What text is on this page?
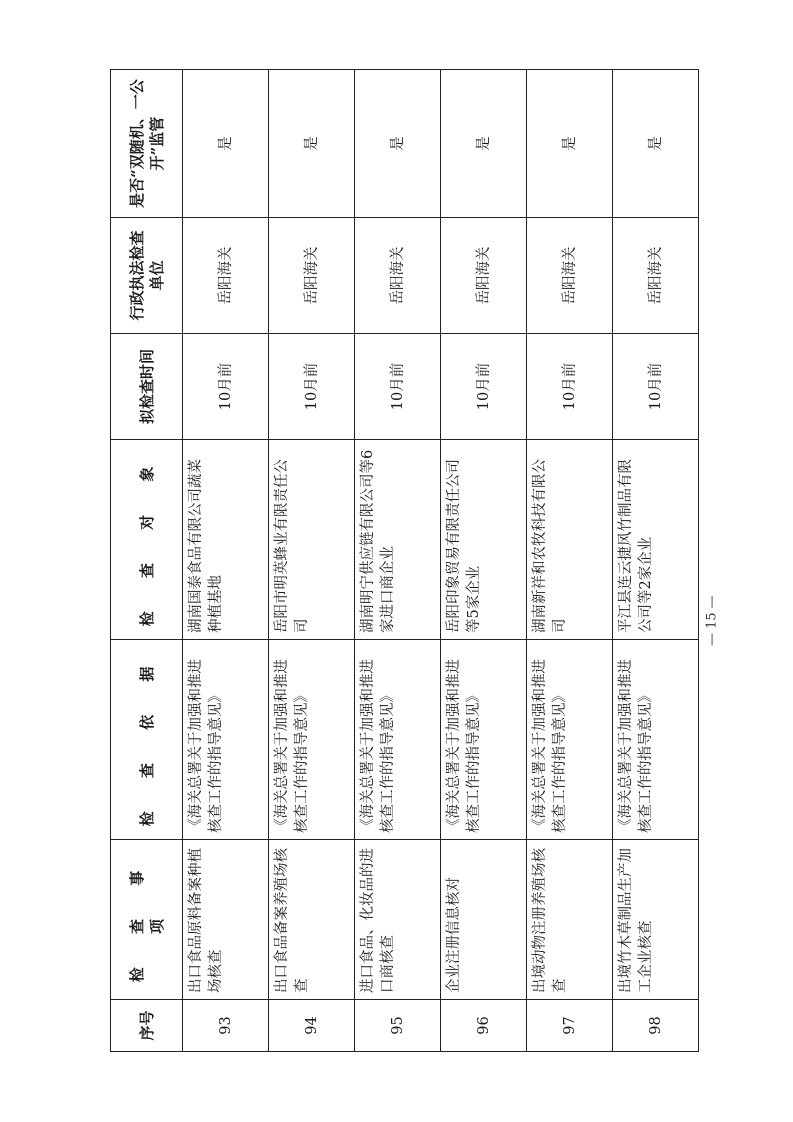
序号	检 查 事 项	检 查 依 据	检 查 对 象	拟检查时间	行政执法检查单位	是否“双随机、一公开”监管
93	出口食品原料备案种植场核查	《海关总署关于加强和推进核查工作的指导意见》	湖南国泰食品有限公司蔬菜种植基地	10月前	岳阳海关	是
94	出口食品备案养殖场核查	《海关总署关于加强和推进核查工作的指导意见》	岳阳市明英蜂业有限责任公司	10月前	岳阳海关	是
95	进口食品、化妆品的进口商核查	《海关总署关于加强和推进核查工作的指导意见》	湖南明宁供应链有限公司等6家进口商企业	10月前	岳阳海关	是
96	企业注册信息核对	《海关总署关于加强和推进核查工作的指导意见》	岳阳印象贸易有限责任公司等5家企业	10月前	岳阳海关	是
97	出境动物注册养殖场核查	《海关总署关于加强和推进核查工作的指导意见》	湖南新祥和农牧科技有限公司	10月前	岳阳海关	是
98	出境竹木草制品生产加工企业核查	《海关总署关于加强和推进核查工作的指导意见》	平江县连云捷风竹制品有限公司等2家企业	10月前	岳阳海关	是
— 15 —
